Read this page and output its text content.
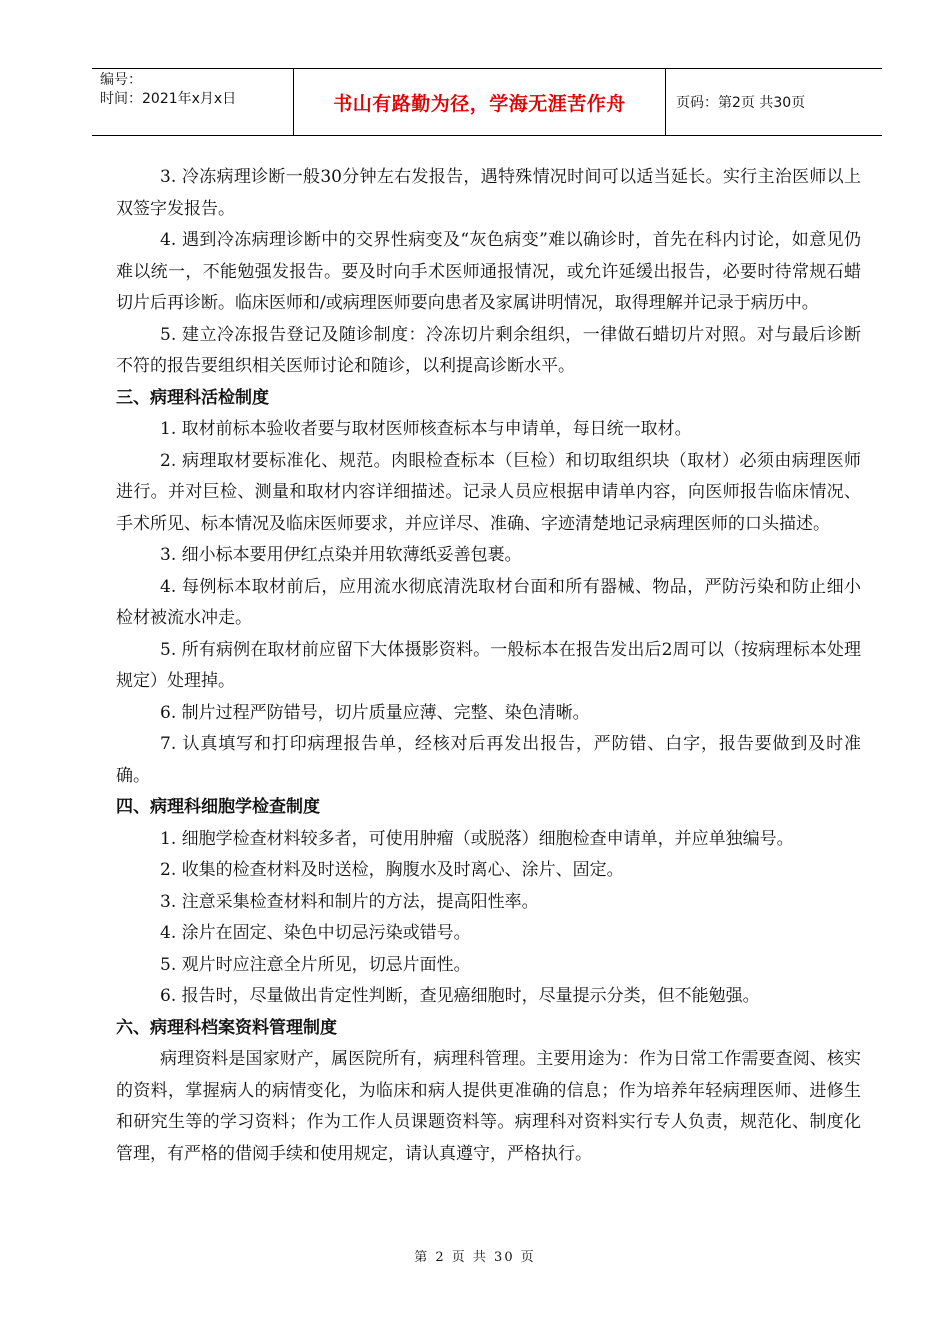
编号：
时间：2021年x月x日	书山有路勤为径，学海无涯苦作舟	页码：第2页 共30页

3. 冷冻病理诊断一般30分钟左右发报告，遇特殊情况时间可以适当延长。实行主治医师以上双签字发报告。

4. 遇到冷冻病理诊断中的交界性病变及“灰色病变”难以确诊时，首先在科内讨论，如意见仍难以统一，不能勉强发报告。要及时向手术医师通报情况，或允许延缓出报告，必要时待常规石蜡切片后再诊断。临床医师和/或病理医师要向患者及家属讲明情况，取得理解并记录于病历中。

5. 建立冷冻报告登记及随诊制度：冷冻切片剩余组织，一律做石蜡切片对照。对与最后诊断不符的报告要组织相关医师讨论和随诊，以利提高诊断水平。

三、病理科活检制度

1. 取材前标本验收者要与取材医师核查标本与申请单，每日统一取材。

2. 病理取材要标准化、规范。肉眼检查标本（巨检）和切取组织块（取材）必须由病理医师进行。并对巨检、测量和取材内容详细描述。记录人员应根据申请单内容，向医师报告临床情况、手术所见、标本情况及临床医师要求，并应详尽、准确、字迹清楚地记录病理医师的口头描述。

3. 细小标本要用伊红点染并用软薄纸妥善包裹。

4. 每例标本取材前后，应用流水彻底清洗取材台面和所有器械、物品，严防污染和防止细小检材被流水冲走。

5. 所有病例在取材前应留下大体摄影资料。一般标本在报告发出后2周可以（按病理标本处理规定）处理掉。

6. 制片过程严防错号，切片质量应薄、完整、染色清晰。

7. 认真填写和打印病理报告单，经核对后再发出报告，严防错、白字，报告要做到及时准确。

四、病理科细胞学检查制度

1. 细胞学检查材料较多者，可使用肿瘤（或脱落）细胞检查申请单，并应单独编号。

2. 收集的检查材料及时送检，胸腹水及时离心、涂片、固定。

3. 注意采集检查材料和制片的方法，提高阳性率。

4. 涂片在固定、染色中切忌污染或错号。

5. 观片时应注意全片所见，切忌片面性。

6. 报告时，尽量做出肯定性判断，查见癌细胞时，尽量提示分类，但不能勉强。

六、病理科档案资料管理制度

病理资料是国家财产，属医院所有，病理科管理。主要用途为：作为日常工作需要查阅、核实的资料，掌握病人的病情变化，为临床和病人提供更准确的信息；作为培养年轻病理医师、进修生和研究生等的学习资料；作为工作人员课题资料等。病理科对资料实行专人负责，规范化、制度化管理，有严格的借阅手续和使用规定，请认真遵守，严格执行。

第 2 页 共 30 页
